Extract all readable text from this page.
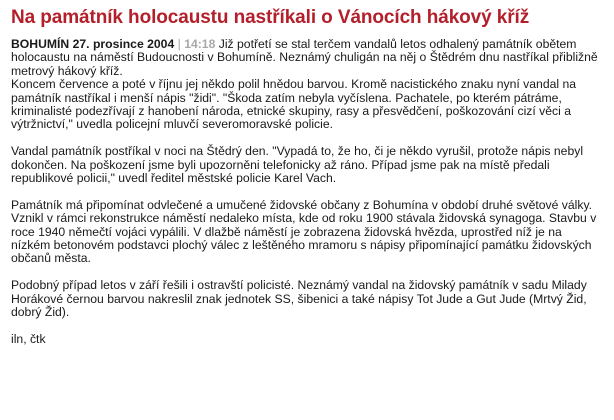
Na památník holocaustu nastříkali o Vánocích hákový kříž

BOHUMÍN 27. prosince 2004 | 14:18 Již potřetí se stal terčem vandalů letos odhalený památník obětem holocaustu na náměstí Budoucnosti v Bohumíně. Neznámý chuligán na něj o Štědrém dnu nastříkal přibližně metrový hákový kříž.

Koncem července a poté v říjnu jej někdo polil hnědou barvou. Kromě nacistického znaku nyní vandal na památník nastříkal i menší nápis "židi". "Škoda zatím nebyla vyčíslena. Pachatele, po kterém pátráme, kriminalisté podezřívají z hanobení národa, etnické skupiny, rasy a přesvědčení, poškozování cizí věci a výtržnictví," uvedla policejní mluvčí severomoravské policie.

Vandal památník postříkal v noci na Štědrý den. "Vypadá to, že ho, či je někdo vyrušil, protože nápis nebyl dokončen. Na poškození jsme byli upozorněni telefonicky až ráno. Případ jsme pak na místě předali republikové policii," uvedl ředitel městské policie Karel Vach.

Památník má připomínat odvlečené a umučené židovské občany z Bohumína v období druhé světové války. Vznikl v rámci rekonstrukce náměstí nedaleko místa, kde od roku 1900 stávala židovská synagoga. Stavbu v roce 1940 němečtí vojáci vypálili. V dlažbě náměstí je zobrazena židovská hvězda, uprostřed níž je na nízkém betonovém podstavci plochý válec z leštěného mramoru s nápisy připomínající památku židovských občanů města.

Podobný případ letos v září řešili i ostravští policisté. Neznámý vandal na židovský památník v sadu Milady Horákové černou barvou nakreslil znak jednotek SS, šibenici a také nápisy Tot Jude a Gut Jude (Mrtvý Žid, dobrý Žid).

iln, čtk
